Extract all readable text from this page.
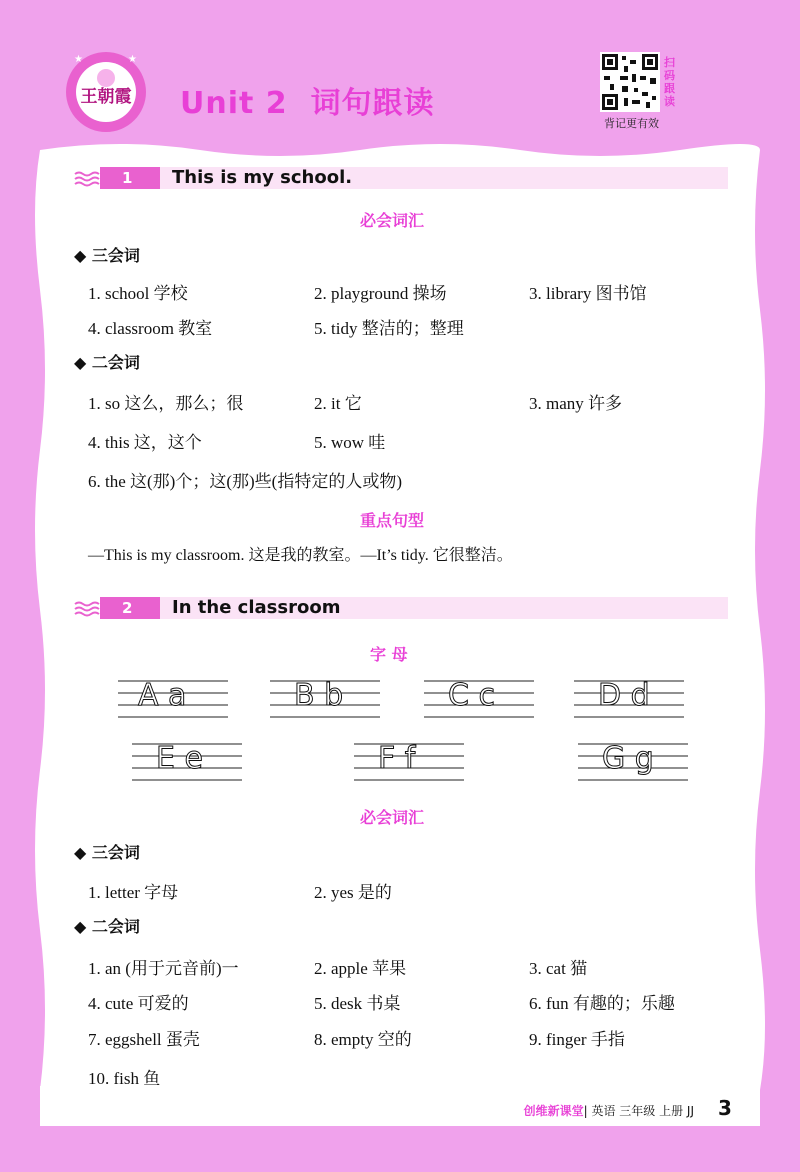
王朝霞
★	★
Unit 2 词句跟读
扫码跟读
背记更有效
1	This is my school.
必会词汇
◆ 三会词
1. school 学校	2. playground 操场	3. library 图书馆
4. classroom 教室	5. tidy 整洁的；整理
◆ 二会词
1. so 这么，那么；很	2. it 它	3. many 许多
4. this 这，这个	5. wow 哇
6. the 这(那)个；这(那)些(指特定的人或物)
重点句型
—This is my classroom. 这是我的教室。—It’s tidy. 它很整洁。
2	In the classroom
字 母
A a	B b	C c	D d
E e	F f	G g
必会词汇
◆ 三会词
1. letter 字母	2. yes 是的
◆ 二会词
1. an (用于元音前)一	2. apple 苹果	3. cat 猫
4. cute 可爱的	5. desk 书桌	6. fun 有趣的；乐趣
7. eggshell 蛋壳	8. empty 空的	9. finger 手指
10. fish 鱼
创维新课堂| 英语 三年级 上册 JJ 3
